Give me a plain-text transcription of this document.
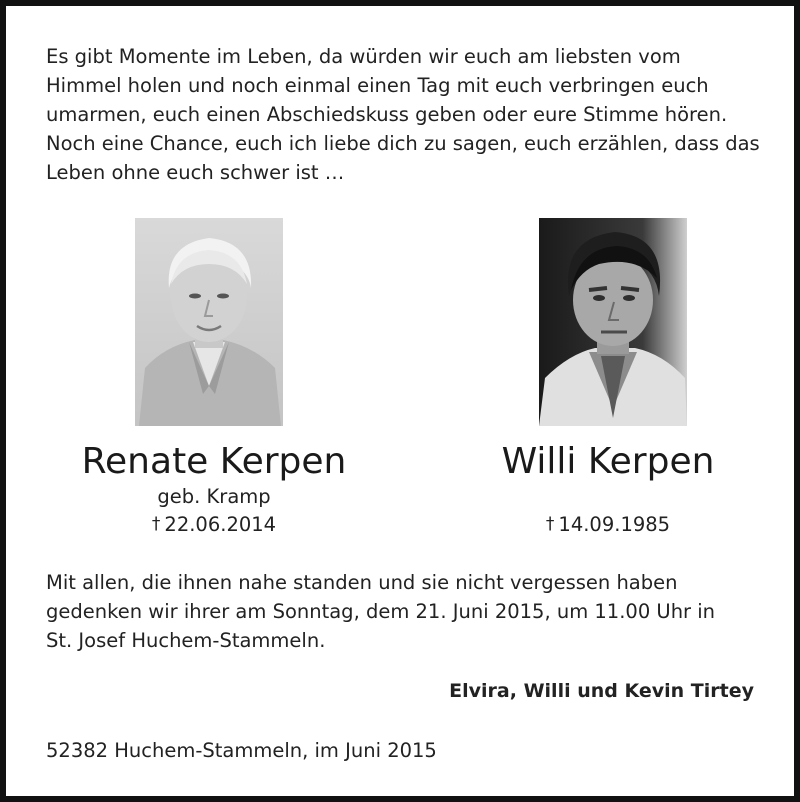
Es gibt Momente im Leben, da würden wir euch am liebsten vom

Himmel holen und noch einmal einen Tag mit euch verbringen euch

umarmen, euch einen Abschiedskuss geben oder eure Stimme hören.

Noch eine Chance, euch ich liebe dich zu sagen, euch erzählen, dass das

Leben ohne euch schwer ist …

Renate Kerpen
geb. Kramp
† 22.06.2014
Willi Kerpen
† 14.09.1985

Mit allen, die ihnen nahe standen und sie nicht vergessen haben

gedenken wir ihrer am Sonntag, dem 21. Juni 2015, um 11.00 Uhr in

St. Josef Huchem-Stammeln.

Elvira, Willi und Kevin Tirtey
52382 Huchem-Stammeln, im Juni 2015
